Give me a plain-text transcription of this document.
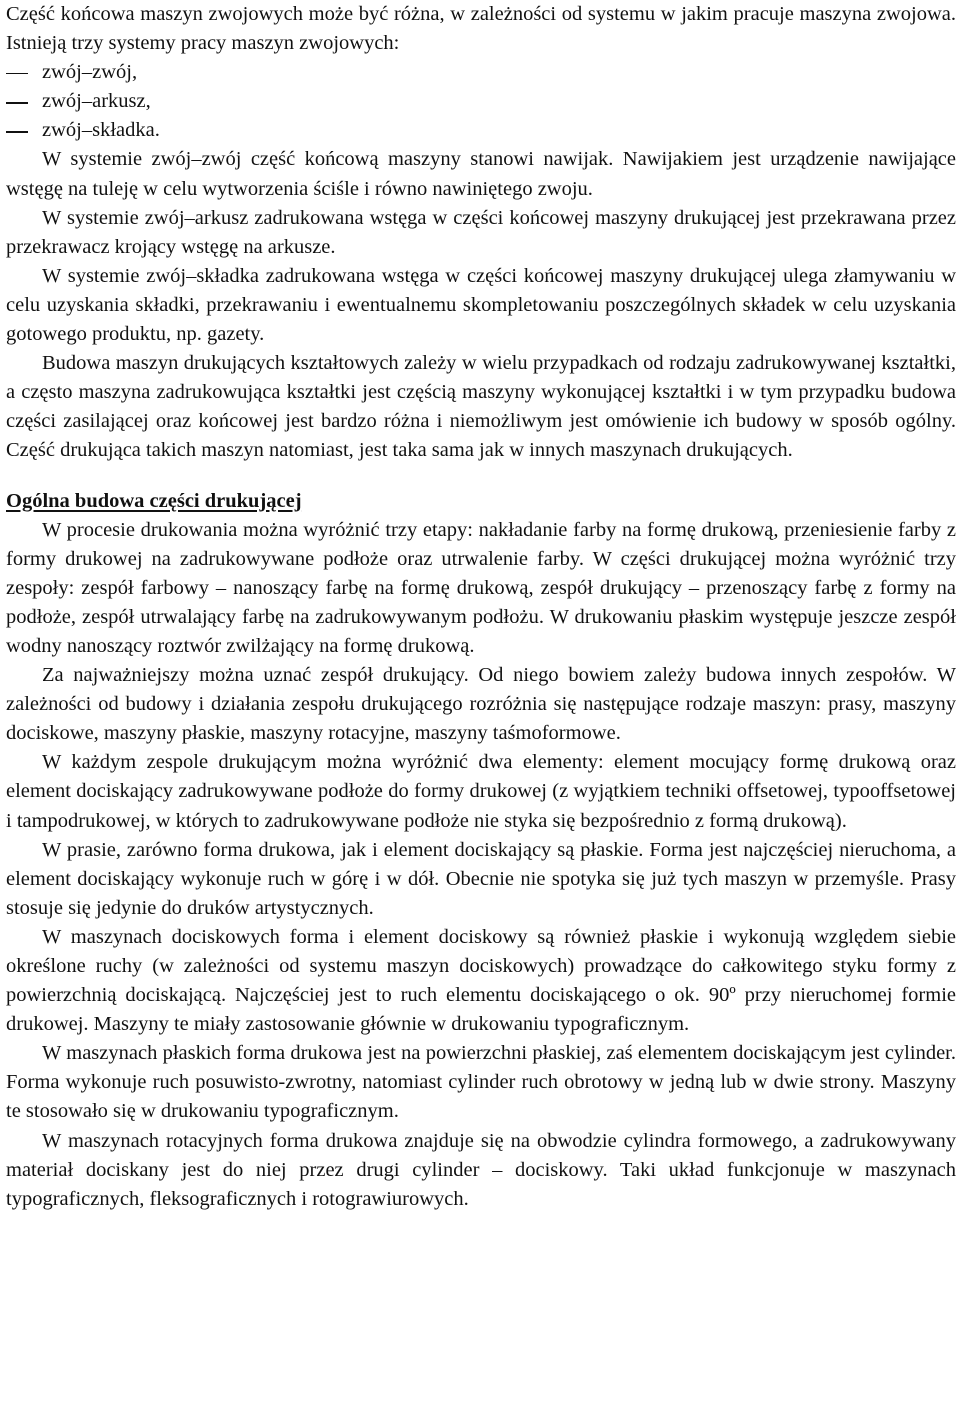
Część końcowa maszyn zwojowych może być różna, w zależności od systemu w jakim pracuje maszyna zwojowa. Istnieją trzy systemy pracy maszyn zwojowych:

zwój–zwój,
zwój–arkusz,
zwój–składka.

W systemie zwój–zwój część końcową maszyny stanowi nawijak. Nawijakiem jest urządzenie nawijające wstęgę na tuleję w celu wytworzenia ściśle i równo nawiniętego zwoju.

W systemie zwój–arkusz zadrukowana wstęga w części końcowej maszyny drukującej jest przekrawana przez przekrawacz krojący wstęgę na arkusze.

W systemie zwój–składka zadrukowana wstęga w części końcowej maszyny drukującej ulega złamywaniu w celu uzyskania składki, przekrawaniu i ewentualnemu skompletowaniu poszczególnych składek w celu uzyskania gotowego produktu, np. gazety.

Budowa maszyn drukujących kształtowych zależy w wielu przypadkach od rodzaju zadrukowywanej kształtki, a często maszyna zadrukowująca kształtki jest częścią maszyny wykonującej kształtki i w tym przypadku budowa części zasilającej oraz końcowej jest bardzo różna i niemożliwym jest omówienie ich budowy w sposób ogólny. Część drukująca takich maszyn natomiast, jest taka sama jak w innych maszynach drukujących.

Ogólna budowa części drukującej

W procesie drukowania można wyróżnić trzy etapy: nakładanie farby na formę drukową, przeniesienie farby z formy drukowej na zadrukowywane podłoże oraz utrwalenie farby. W części drukującej można wyróżnić trzy zespoły: zespół farbowy – nanoszący farbę na formę drukową, zespół drukujący – przenoszący farbę z formy na podłoże, zespół utrwalający farbę na zadrukowywanym podłożu. W drukowaniu płaskim występuje jeszcze zespół wodny nanoszący roztwór zwilżający na formę drukową.

Za najważniejszy można uznać zespół drukujący. Od niego bowiem zależy budowa innych zespołów. W zależności od budowy i działania zespołu drukującego rozróżnia się następujące rodzaje maszyn: prasy, maszyny dociskowe, maszyny płaskie, maszyny rotacyjne, maszyny taśmoformowe.

W każdym zespole drukującym można wyróżnić dwa elementy: element mocujący formę drukową oraz element dociskający zadrukowywane podłoże do formy drukowej (z wyjątkiem techniki offsetowej, typooffsetowej i tampodrukowej, w których to zadrukowywane podłoże nie styka się bezpośrednio z formą drukową).

W prasie, zarówno forma drukowa, jak i element dociskający są płaskie. Forma jest najczęściej nieruchoma, a element dociskający wykonuje ruch w górę i w dół. Obecnie nie spotyka się już tych maszyn w przemyśle. Prasy stosuje się jedynie do druków artystycznych.

W maszynach dociskowych forma i element dociskowy są również płaskie i wykonują względem siebie określone ruchy (w zależności od systemu maszyn dociskowych) prowadzące do całkowitego styku formy z powierzchnią dociskającą. Najczęściej jest to ruch elementu dociskającego o ok. 90º przy nieruchomej formie drukowej. Maszyny te miały zastosowanie głównie w drukowaniu typograficznym.

W maszynach płaskich forma drukowa jest na powierzchni płaskiej, zaś elementem dociskającym jest cylinder. Forma wykonuje ruch posuwisto-zwrotny, natomiast cylinder ruch obrotowy w jedną lub w dwie strony. Maszyny te stosowało się w drukowaniu typograficznym.

W maszynach rotacyjnych forma drukowa znajduje się na obwodzie cylindra formowego, a zadrukowywany materiał dociskany jest do niej przez drugi cylinder – dociskowy. Taki układ funkcjonuje w maszynach typograficznych, fleksograficznych i rotograwiurowych.
